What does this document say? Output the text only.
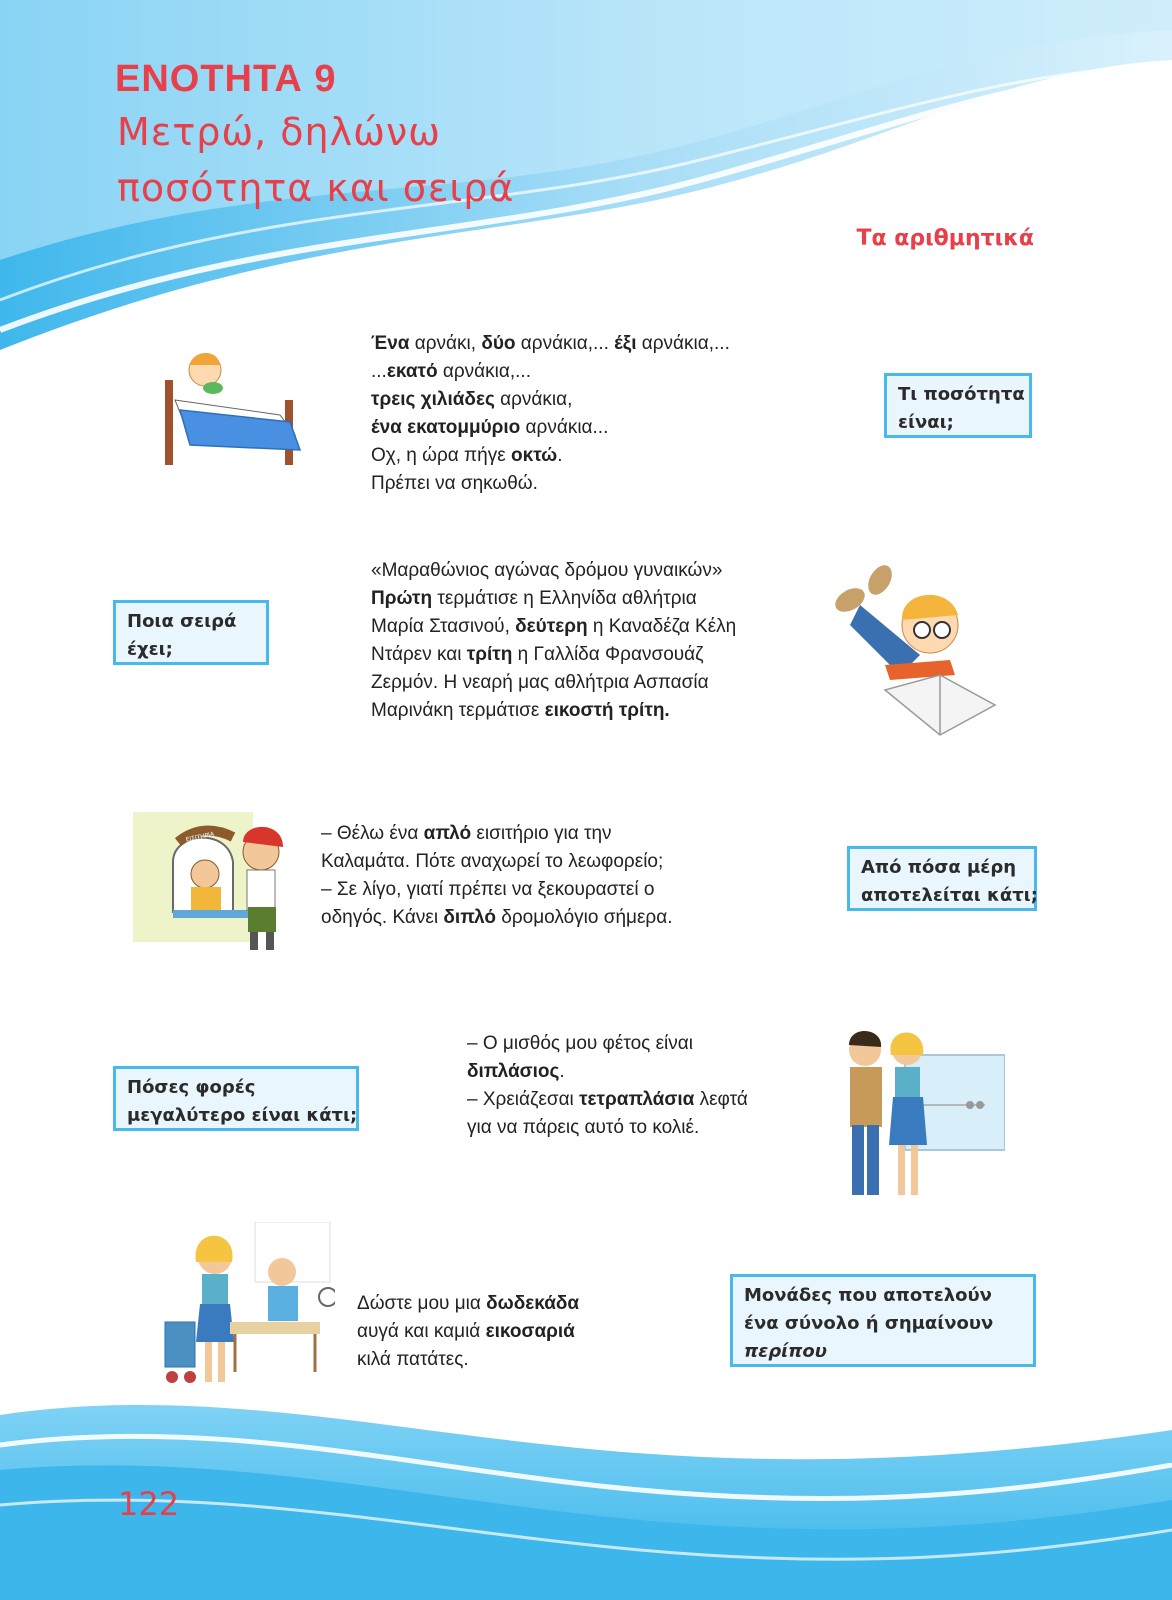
ΕΝΟΤΗΤΑ 9
Μετρώ, δηλώνω
ποσότητα και σειρά
Τα αριθμητικά
Ένα αρνάκι, δύο αρνάκια,... έξι αρνάκια,...
...εκατό αρνάκια,...
τρεις χιλιάδες αρνάκια,
ένα εκατομμύριο αρνάκια...
Οχ, η ώρα πήγε οκτώ.
Πρέπει να σηκωθώ.
Τι ποσότητα
είναι;
Ποια σειρά
έχει;
«Μαραθώνιος αγώνας δρόμου γυναικών»
Πρώτη τερμάτισε η Ελληνίδα αθλήτρια
Μαρία Στασινού, δεύτερη η Καναδέζα Κέλη
Ντάρεν και τρίτη η Γαλλίδα Φρανσουάζ
Ζερμόν. Η νεαρή μας αθλήτρια Ασπασία
Μαρινάκη τερμάτισε εικοστή τρίτη.
ΕΙΣΙΤΗΡΙΑ	– Θέλω ένα απλό εισιτήριο για την
Καλαμάτα. Πότε αναχωρεί το λεωφορείο;
– Σε λίγο, γιατί πρέπει να ξεκουραστεί ο
οδηγός. Κάνει διπλό δρομολόγιο σήμερα.
Από πόσα μέρη
αποτελείται κάτι;
Πόσες φορές
μεγαλύτερο είναι κάτι;
– Ο μισθός μου φέτος είναι
διπλάσιος.
– Χρειάζεσαι τετραπλάσια λεφτά
για να πάρεις αυτό το κολιέ.
Δώστε μου μια δωδεκάδα
αυγά και καμιά εικοσαριά
κιλά πατάτες.
Μονάδες που αποτελούν
ένα σύνολο ή σημαίνουν
περίπου
122
